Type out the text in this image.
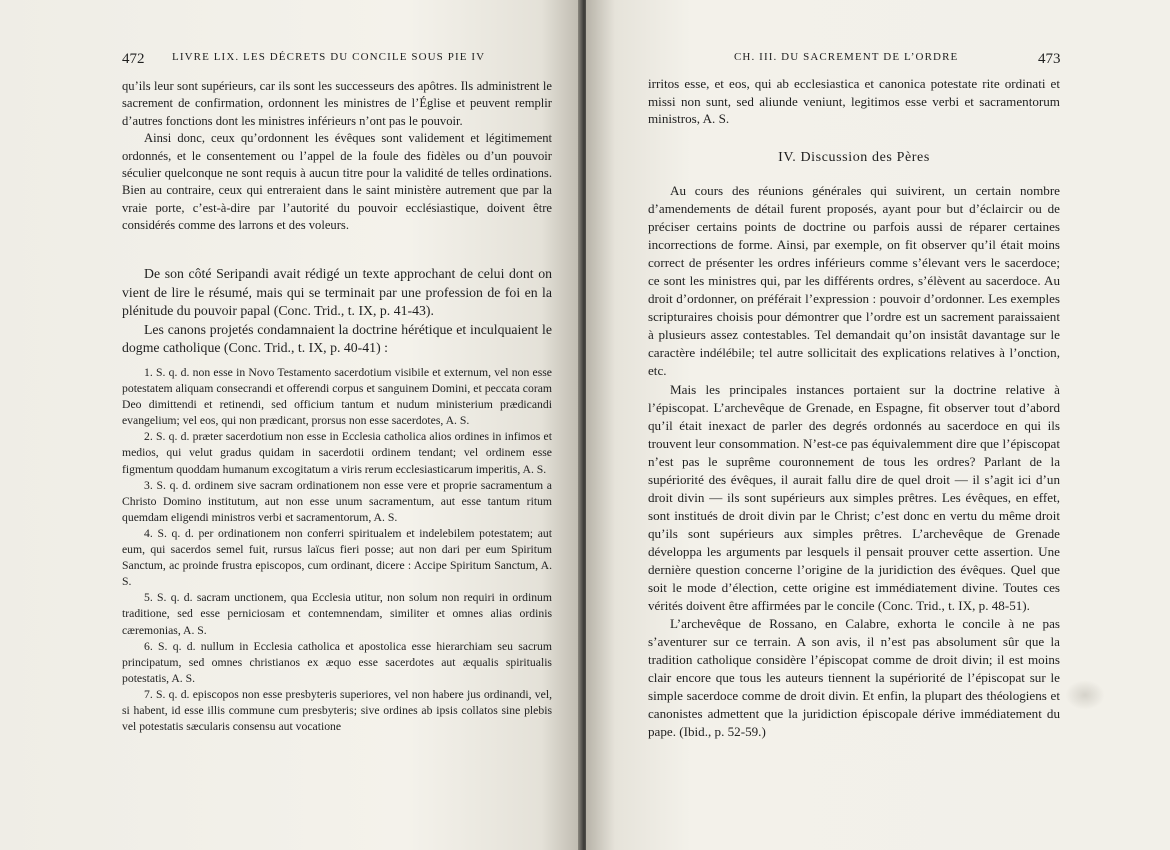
472	LIVRE LIX. LES DÉCRETS DU CONCILE SOUS PIE IV

qu’ils leur sont supérieurs, car ils sont les successeurs des apôtres. Ils administrent le sacrement de confirmation, ordonnent les ministres de l’Église et peuvent remplir d’autres fonctions dont les ministres inférieurs n’ont pas le pouvoir.

Ainsi donc, ceux qu’ordonnent les évêques sont validement et légitimement ordonnés, et le consentement ou l’appel de la foule des fidèles ou d’un pouvoir séculier quelconque ne sont requis à aucun titre pour la validité de telles ordinations. Bien au contraire, ceux qui entreraient dans le saint ministère autrement que par la vraie porte, c’est-à-dire par l’autorité du pouvoir ecclésiastique, doivent être considérés comme des larrons et des voleurs.

De son côté Seripandi avait rédigé un texte approchant de celui dont on vient de lire le résumé, mais qui se terminait par une profession de foi en la plénitude du pouvoir papal (Conc. Trid., t. IX, p. 41-43).

Les canons projetés condamnaient la doctrine hérétique et inculquaient le dogme catholique (Conc. Trid., t. IX, p. 40-41) :

1. S. q. d. non esse in Novo Testamento sacerdotium visibile et externum, vel non esse potestatem aliquam consecrandi et offerendi corpus et sanguinem Domini, et peccata coram Deo dimittendi et retinendi, sed officium tantum et nudum ministerium prædicandi evangelium; vel eos, qui non prædicant, prorsus non esse sacerdotes, A. S.

2. S. q. d. præter sacerdotium non esse in Ecclesia catholica alios ordines in infimos et medios, qui velut gradus quidam in sacerdotii ordinem tendant; vel ordinem esse figmentum quoddam humanum excogitatum a viris rerum ecclesiasticarum imperitis, A. S.

3. S. q. d. ordinem sive sacram ordinationem non esse vere et proprie sacramentum a Christo Domino institutum, aut non esse unum sacramentum, aut esse tantum ritum quemdam eligendi ministros verbi et sacramentorum, A. S.

4. S. q. d. per ordinationem non conferri spiritualem et indelebilem potestatem; aut eum, qui sacerdos semel fuit, rursus laïcus fieri posse; aut non dari per eum Spiritum Sanctum, ac proinde frustra episcopos, cum ordinant, dicere : Accipe Spiritum Sanctum, A. S.

5. S. q. d. sacram unctionem, qua Ecclesia utitur, non solum non requiri in ordinum traditione, sed esse perniciosam et contemnendam, similiter et omnes alias ordinis cæremonias, A. S.

6. S. q. d. nullum in Ecclesia catholica et apostolica esse hierarchiam seu sacrum principatum, sed omnes christianos ex æquo esse sacerdotes aut æqualis spiritualis potestatis, A. S.

7. S. q. d. episcopos non esse presbyteris superiores, vel non habere jus ordinandi, vel, si habent, id esse illis commune cum presbyteris; sive ordines ab ipsis collatos sine plebis vel potestatis sæcularis consensu aut vocatione

CH. III. DU SACREMENT DE L’ORDRE	473

irritos esse, et eos, qui ab ecclesiastica et canonica potestate rite ordinati et missi non sunt, sed aliunde veniunt, legitimos esse verbi et sacramentorum ministros, A. S.

IV. Discussion des Pères

Au cours des réunions générales qui suivirent, un certain nombre d’amendements de détail furent proposés, ayant pour but d’éclaircir ou de préciser certains points de doctrine ou parfois aussi de réparer certaines incorrections de forme. Ainsi, par exemple, on fit observer qu’il était moins correct de présenter les ordres inférieurs comme s’élevant vers le sacerdoce; ce sont les ministres qui, par les différents ordres, s’élèvent au sacerdoce. Au droit d’ordonner, on préférait l’expression : pouvoir d’ordonner. Les exemples scripturaires choisis pour démontrer que l’ordre est un sacrement paraissaient à plusieurs assez contestables. Tel demandait qu’on insistât davantage sur le caractère indélébile; tel autre sollicitait des explications relatives à l’onction, etc.

Mais les principales instances portaient sur la doctrine relative à l’épiscopat. L’archevêque de Grenade, en Espagne, fit observer tout d’abord qu’il était inexact de parler des degrés ordonnés au sacerdoce en qui ils trouvent leur consommation. N’est-ce pas équivalemment dire que l’épiscopat n’est pas le suprême couronnement de tous les ordres? Parlant de la supériorité des évêques, il aurait fallu dire de quel droit — il s’agit ici d’un droit divin — ils sont supérieurs aux simples prêtres. Les évêques, en effet, sont institués de droit divin par le Christ; c’est donc en vertu du même droit qu’ils sont supérieurs aux simples prêtres. L’archevêque de Grenade développa les arguments par lesquels il pensait prouver cette assertion. Une dernière question concerne l’origine de la juridiction des évêques. Quel que soit le mode d’élection, cette origine est immédiatement divine. Toutes ces vérités doivent être affirmées par le concile (Conc. Trid., t. IX, p. 48-51).

L’archevêque de Rossano, en Calabre, exhorta le concile à ne pas s’aventurer sur ce terrain. A son avis, il n’est pas absolument sûr que la tradition catholique considère l’épiscopat comme de droit divin; il est moins clair encore que tous les auteurs tiennent la supériorité de l’épiscopat sur le simple sacerdoce comme de droit divin. Et enfin, la plupart des théologiens et canonistes admettent que la juridiction épiscopale dérive immédiatement du pape. (Ibid., p. 52-59.)
